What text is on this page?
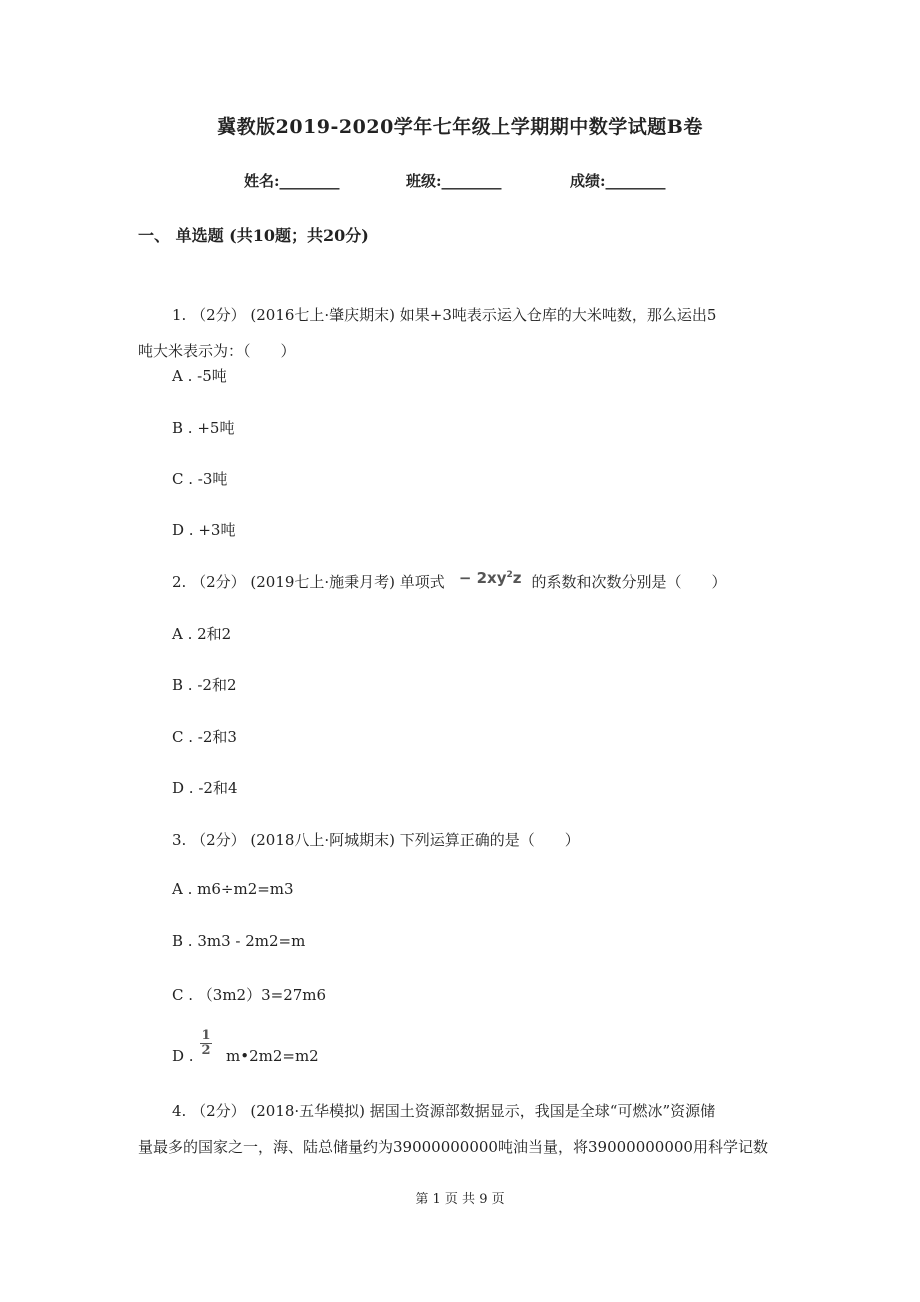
冀教版2019-2020学年七年级上学期期中数学试题B卷
姓名:________	班级:________	成绩:________
一、 单选题 (共10题；共20分)
1. （2分） (2016七上·肇庆期末) 如果+3吨表示运入仓库的大米吨数，那么运出5
吨大米表示为：（　　）
A . -5吨
B . +5吨
C . -3吨
D . +3吨
2. （2分） (2019七上·施秉月考) 单项式 − $2xy^2z$ 的系数和次数分别是（　　）
A . 2和2
B . -2和2
C . -2和3
D . -2和4
3. （2分） (2018八上·阿城期末) 下列运算正确的是（　　）
A . m6÷m2=m3
B . 3m3 - 2m2=m
C . （3m2）3=27m6
D .
1
2 m•2m2=m2
4. （2分） (2018·五华模拟) 据国土资源部数据显示，我国是全球“可燃冰”资源储
量最多的国家之一，海、陆总储量约为39000000000吨油当量，将39000000000用科学记数
第 1 页 共 9 页
